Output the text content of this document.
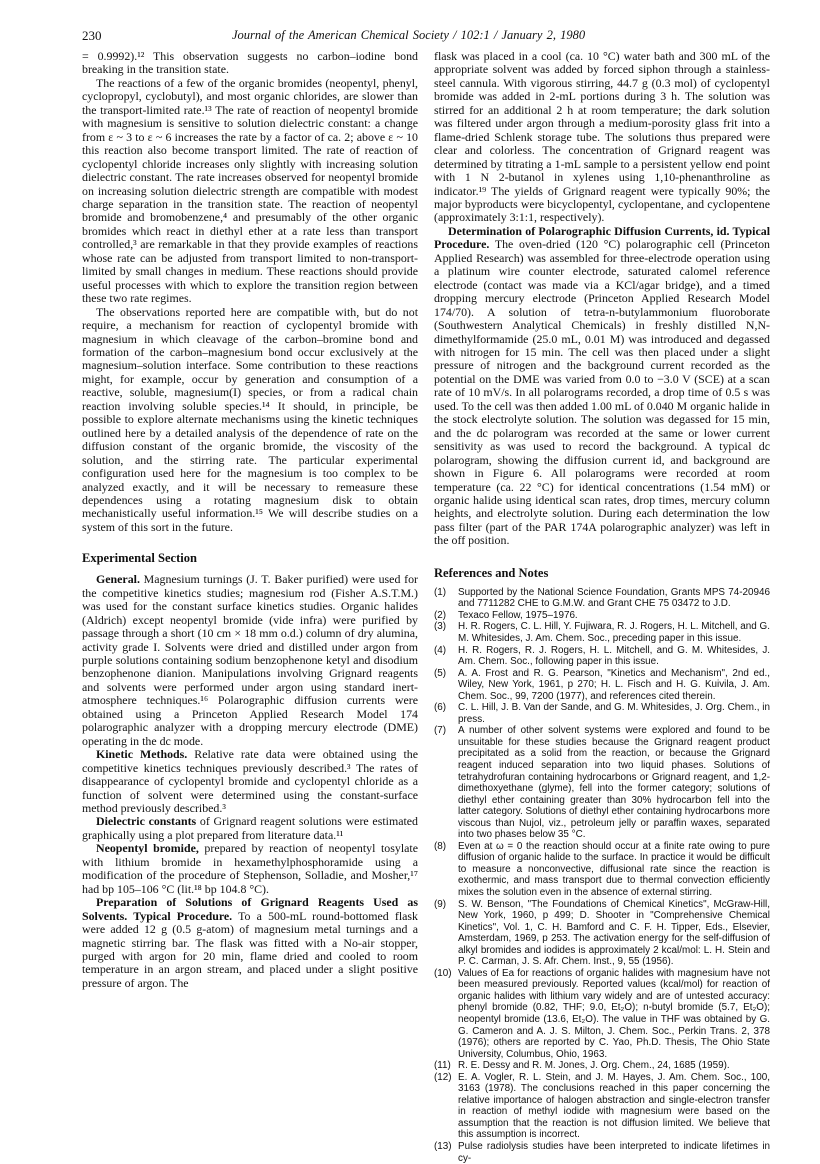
230	Journal of the American Chemical Society / 102:1 / January 2, 1980

= 0.9992).¹² This observation suggests no carbon–iodine bond breaking in the transition state.

The reactions of a few of the organic bromides (neopentyl, phenyl, cyclopropyl, cyclobutyl), and most organic chlorides, are slower than the transport-limited rate.¹³ The rate of reaction of neopentyl bromide with magnesium is sensitive to solution dielectric constant: a change from ε ~ 3 to ε ~ 6 increases the rate by a factor of ca. 2; above ε ~ 10 this reaction also become transport limited. The rate of reaction of cyclopentyl chloride increases only slightly with increasing solution dielectric constant. The rate increases observed for neopentyl bromide on increasing solution dielectric strength are compatible with modest charge separation in the transition state. The reaction of neopentyl bromide and bromobenzene,⁴ and presumably of the other organic bromides which react in diethyl ether at a rate less than transport controlled,³ are remarkable in that they provide examples of reactions whose rate can be adjusted from transport limited to non-transport-limited by small changes in medium. These reactions should provide useful processes with which to explore the transition region between these two rate regimes.

The observations reported here are compatible with, but do not require, a mechanism for reaction of cyclopentyl bromide with magnesium in which cleavage of the carbon–bromine bond and formation of the carbon–magnesium bond occur exclusively at the magnesium–solution interface. Some contribution to these reactions might, for example, occur by generation and consumption of a reactive, soluble, magnesium(I) species, or from a radical chain reaction involving soluble species.¹⁴ It should, in principle, be possible to explore alternate mechanisms using the kinetic techniques outlined here by a detailed analysis of the dependence of rate on the diffusion constant of the organic bromide, the viscosity of the solution, and the stirring rate. The particular experimental configuration used here for the magnesium is too complex to be analyzed exactly, and it will be necessary to remeasure these dependences using a rotating magnesium disk to obtain mechanistically useful information.¹⁵ We will describe studies on a system of this sort in the future.

Experimental Section

General. Magnesium turnings (J. T. Baker purified) were used for the competitive kinetics studies; magnesium rod (Fisher A.S.T.M.) was used for the constant surface kinetics studies. Organic halides (Aldrich) except neopentyl bromide (vide infra) were purified by passage through a short (10 cm × 18 mm o.d.) column of dry alumina, activity grade I. Solvents were dried and distilled under argon from purple solutions containing sodium benzophenone ketyl and disodium benzophenone dianion. Manipulations involving Grignard reagents and solvents were performed under argon using standard inert-atmosphere techniques.¹⁶ Polarographic diffusion currents were obtained using a Princeton Applied Research Model 174 polarographic analyzer with a dropping mercury electrode (DME) operating in the dc mode.

Kinetic Methods. Relative rate data were obtained using the competitive kinetics techniques previously described.³ The rates of disappearance of cyclopentyl bromide and cyclopentyl chloride as a function of solvent were determined using the constant-surface method previously described.³

Dielectric constants of Grignard reagent solutions were estimated graphically using a plot prepared from literature data.¹¹

Neopentyl bromide, prepared by reaction of neopentyl tosylate with lithium bromide in hexamethylphosphoramide using a modification of the procedure of Stephenson, Solladie, and Mosher,¹⁷ had bp 105–106 °C (lit.¹⁸ bp 104.8 °C).

Preparation of Solutions of Grignard Reagents Used as Solvents. Typical Procedure. To a 500-mL round-bottomed flask were added 12 g (0.5 g-atom) of magnesium metal turnings and a magnetic stirring bar. The flask was fitted with a No-air stopper, purged with argon for 20 min, flame dried and cooled to room temperature in an argon stream, and placed under a slight positive pressure of argon. The

flask was placed in a cool (ca. 10 °C) water bath and 300 mL of the appropriate solvent was added by forced siphon through a stainless-steel cannula. With vigorous stirring, 44.7 g (0.3 mol) of cyclopentyl bromide was added in 2-mL portions during 3 h. The solution was stirred for an additional 2 h at room temperature; the dark solution was filtered under argon through a medium-porosity glass frit into a flame-dried Schlenk storage tube. The solutions thus prepared were clear and colorless. The concentration of Grignard reagent was determined by titrating a 1-mL sample to a persistent yellow end point with 1 N 2-butanol in xylenes using 1,10-phenanthroline as indicator.¹⁹ The yields of Grignard reagent were typically 90%; the major byproducts were bicyclopentyl, cyclopentane, and cyclopentene (approximately 3:1:1, respectively).

Determination of Polarographic Diffusion Currents, id. Typical Procedure. The oven-dried (120 °C) polarographic cell (Princeton Applied Research) was assembled for three-electrode operation using a platinum wire counter electrode, saturated calomel reference electrode (contact was made via a KCl/agar bridge), and a timed dropping mercury electrode (Princeton Applied Research Model 174/70). A solution of tetra-n-butylammonium fluoroborate (Southwestern Analytical Chemicals) in freshly distilled N,N-dimethylformamide (25.0 mL, 0.01 M) was introduced and degassed with nitrogen for 15 min. The cell was then placed under a slight pressure of nitrogen and the background current recorded as the potential on the DME was varied from 0.0 to −3.0 V (SCE) at a scan rate of 10 mV/s. In all polarograms recorded, a drop time of 0.5 s was used. To the cell was then added 1.00 mL of 0.040 M organic halide in the stock electrolyte solution. The solution was degassed for 15 min, and the dc polarogram was recorded at the same or lower current sensitivity as was used to record the background. A typical dc polarogram, showing the diffusion current id, and background are shown in Figure 6. All polarograms were recorded at room temperature (ca. 22 °C) for identical concentrations (1.54 mM) or organic halide using identical scan rates, drop times, mercury column heights, and electrolyte solution. During each determination the low pass filter (part of the PAR 174A polarographic analyzer) was left in the off position.

References and Notes
(1)	Supported by the National Science Foundation, Grants MPS 74-20946 and 7711282 CHE to G.M.W. and Grant CHE 75 03472 to J.D.
(2)	Texaco Fellow, 1975–1976.
(3)	H. R. Rogers, C. L. Hill, Y. Fujiwara, R. J. Rogers, H. L. Mitchell, and G. M. Whitesides, J. Am. Chem. Soc., preceding paper in this issue.
(4)	H. R. Rogers, R. J. Rogers, H. L. Mitchell, and G. M. Whitesides, J. Am. Chem. Soc., following paper in this issue.
(5)	A. A. Frost and R. G. Pearson, "Kinetics and Mechanism", 2nd ed., Wiley, New York, 1961, p 270; H. L. Fisch and H. G. Kuivila, J. Am. Chem. Soc., 99, 7200 (1977), and references cited therein.
(6)	C. L. Hill, J. B. Van der Sande, and G. M. Whitesides, J. Org. Chem., in press.
(7)	A number of other solvent systems were explored and found to be unsuitable for these studies because the Grignard reagent product precipitated as a solid from the reaction, or because the Grignard reagent induced separation into two liquid phases. Solutions of tetrahydrofuran containing hydrocarbons or Grignard reagent, and 1,2-dimethoxyethane (glyme), fell into the former category; solutions of diethyl ether containing greater than 30% hydrocarbon fell into the latter category. Solutions of diethyl ether containing hydrocarbons more viscous than Nujol, viz., petroleum jelly or paraffin waxes, separated into two phases below 35 °C.
(8)	Even at ω = 0 the reaction should occur at a finite rate owing to pure diffusion of organic halide to the surface. In practice it would be difficult to measure a nonconvective, diffusional rate since the reaction is exothermic, and mass transport due to thermal convection efficiently mixes the solution even in the absence of external stirring.
(9)	S. W. Benson, "The Foundations of Chemical Kinetics", McGraw-Hill, New York, 1960, p 499; D. Shooter in "Comprehensive Chemical Kinetics", Vol. 1, C. H. Bamford and C. F. H. Tipper, Eds., Elsevier, Amsterdam, 1969, p 253. The activation energy for the self-diffusion of alkyl bromides and iodides is approximately 2 kcal/mol: L. H. Stein and P. C. Carman, J. S. Afr. Chem. Inst., 9, 55 (1956).
(10) Values of Ea for reactions of organic halides with magnesium have not been measured previously. Reported values (kcal/mol) for reaction of organic halides with lithium vary widely and are of untested accuracy: phenyl bromide (0.82, THF; 9.0, Et₂O); n-butyl bromide (5.7, Et₂O); neopentyl bromide (13.6, Et₂O). The value in THF was obtained by G. G. Cameron and A. J. S. Milton, J. Chem. Soc., Perkin Trans. 2, 378 (1976); others are reported by C. Yao, Ph.D. Thesis, The Ohio State University, Columbus, Ohio, 1963.
(11) R. E. Dessy and R. M. Jones, J. Org. Chem., 24, 1685 (1959).
(12) E. A. Vogler, R. L. Stein, and J. M. Hayes, J. Am. Chem. Soc., 100, 3163 (1978). The conclusions reached in this paper concerning the relative importance of halogen abstraction and single-electron transfer in reaction of methyl iodide with magnesium were based on the assumption that the reaction is not diffusion limited. We believe that this assumption is incorrect.
(13) Pulse radiolysis studies have been interpreted to indicate lifetimes in cy-
